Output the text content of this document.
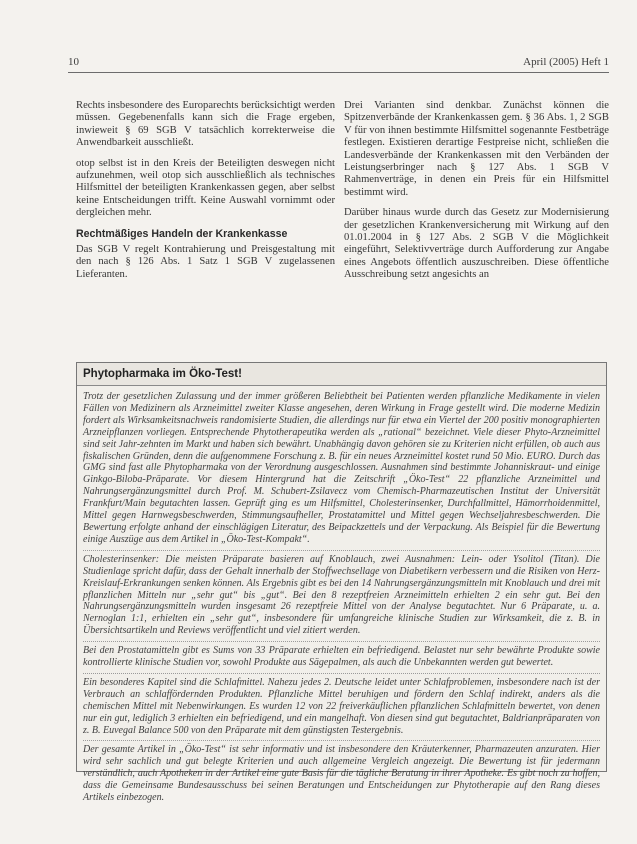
10	April (2005) Heft 1

Rechts insbesondere des Europarechts berücksichtigt werden müssen. Gegebenenfalls kann sich die Frage ergeben, inwieweit § 69 SGB V tatsächlich korrekterweise die Anwendbarkeit ausschließt.

otop selbst ist in den Kreis der Beteiligten deswegen nicht aufzunehmen, weil otop sich ausschließlich als technisches Hilfsmittel der beteiligten Krankenkassen gegen, aber selbst keine Entscheidungen trifft. Keine Auswahl vornimmt oder dergleichen mehr.

Rechtmäßiges Handeln der Krankenkasse

Das SGB V regelt Kontrahierung und Preisgestaltung mit den nach § 126 Abs. 1 Satz 1 SGB V zugelassenen Lieferanten.

Drei Varianten sind denkbar. Zunächst können die Spitzenverbände der Krankenkassen gem. § 36 Abs. 1, 2 SGB V für von ihnen bestimmte Hilfsmittel sogenannte Festbeträge festlegen. Existieren derartige Festpreise nicht, schließen die Landesverbände der Krankenkassen mit den Verbänden der Leistungserbringer nach § 127 Abs. 1 SGB V Rahmenverträge, in denen ein Preis für ein Hilfsmittel bestimmt wird.

Darüber hinaus wurde durch das Gesetz zur Modernisierung der gesetzlichen Krankenversicherung mit Wirkung auf den 01.01.2004 in § 127 Abs. 2 SGB V die Möglichkeit eingeführt, Selektivverträge durch Aufforderung zur Angabe eines Angebots öffentlich auszuschreiben. Diese öffentliche Ausschreibung setzt angesichts an

Phytopharmaka im Öko-Test!

Trotz der gesetzlichen Zulassung und der immer größeren Beliebtheit bei Patienten werden pflanzliche Medikamente in vielen Fällen von Medizinern als Arzneimittel zweiter Klasse angesehen, deren Wirkung in Frage gestellt wird. Die moderne Medizin fordert als Wirksamkeitsnachweis randomisierte Studien, die allerdings nur für etwa ein Viertel der 200 positiv monographierten Arzneipflanzen vorliegen. Entsprechende Phytotherapeutika werden als „rational“ bezeichnet. Viele dieser Phyto-Arzneimittel sind seit Jahr-zehnten im Markt und haben sich bewährt. Unabhängig davon gehören sie zu Kriterien nicht erfüllen, ob auch aus fiskalischen Gründen, denn die aufgenommene Forschung z. B. für ein neues Arzneimittel kostet rund 50 Mio. EURO. Durch das GMG sind fast alle Phytopharmaka von der Verordnung ausgeschlossen. Ausnahmen sind bestimmte Johanniskraut- und einige Ginkgo-Biloba-Präparate. Vor diesem Hintergrund hat die Zeitschrift „Öko-Test“ 22 pflanzliche Arzneimittel und Nahrungsergänzungsmittel durch Prof. M. Schubert-Zsilavecz vom Chemisch-Pharmazeutischen Institut der Universität Frankfurt/Main begutachten lassen. Geprüft ging es um Hilfsmittel, Cholesterinsenker, Durchfallmittel, Hämorrhoidenmittel, Mittel gegen Harnwegsbeschwerden, Stimmungsaufheller, Prostatamittel und Mittel gegen Wechseljahresbeschwerden. Die Bewertung erfolgte anhand der einschlägigen Literatur, des Beipackzettels und der Verpackung. Als Beispiel für die Bewertung einige Auszüge aus dem Artikel in „Öko-Test-Kompakt“.

Cholesterinsenker: Die meisten Präparate basieren auf Knoblauch, zwei Ausnahmen: Lein- oder Ysolitol (Titan). Die Studienlage spricht dafür, dass der Gehalt innerhalb der Stoffwechsellage von Diabetikern verbessern und die Risiken von Herz-Kreislauf-Erkrankungen senken können. Als Ergebnis gibt es bei den 14 Nahrungsergänzungsmitteln mit Knoblauch und drei mit pflanzlichen Mitteln nur „sehr gut“ bis „gut“. Bei den 8 rezeptfreien Arzneimitteln erhielten 2 ein sehr gut. Bei den Nahrungsergänzungsmitteln wurden insgesamt 26 rezeptfreie Mittel von der Analyse begutachtet. Nur 6 Präparate, u. a. Nernoglan 1:1, erhielten ein „sehr gut“, insbesondere für umfangreiche klinische Studien zur Wirksamkeit, die z. B. in Übersichtsartikeln und Reviews veröffentlicht und viel zitiert werden.

Bei den Prostatamitteln gibt es Sums von 33 Präparate erhielten ein befriedigend. Belastet nur sehr bewährte Produkte sowie kontrollierte klinische Studien vor, sowohl Produkte aus Sägepalmen, als auch die Unbekannten werden gut bewertet.

Ein besonderes Kapitel sind die Schlafmittel. Nahezu jedes 2. Deutsche leidet unter Schlafproblemen, insbesondere nach ist der Verbrauch an schlaffördernden Produkten. Pflanzliche Mittel beruhigen und fördern den Schlaf indirekt, anders als die chemischen Mittel mit Nebenwirkungen. Es wurden 12 von 22 freiverkäuflichen pflanzlichen Schlafmitteln bewertet, von denen nur ein gut, lediglich 3 erhielten ein befriedigend, und ein mangelhaft. Von diesen sind gut begutachtet, Baldrianpräparaten von z. B. Euvegal Balance 500 von den Präparate mit dem günstigsten Testergebnis.

Der gesamte Artikel in „Öko-Test“ ist sehr informativ und ist insbesondere den Kräuterkenner, Pharmazeuten anzuraten. Hier wird sehr sachlich und gut belegte Kriterien und auch allgemeine Vergleich angezeigt. Die Bewertung ist für jedermann verständlich, auch Apotheken in der Artikel eine gute Basis für die tägliche Beratung in ihrer Apotheke. Es gibt noch zu hoffen, dass die Gemeinsame Bundesausschuss bei seinen Beratungen und Entscheidungen zur Phytotherapie auf den Rang dieses Artikels einbezogen.
